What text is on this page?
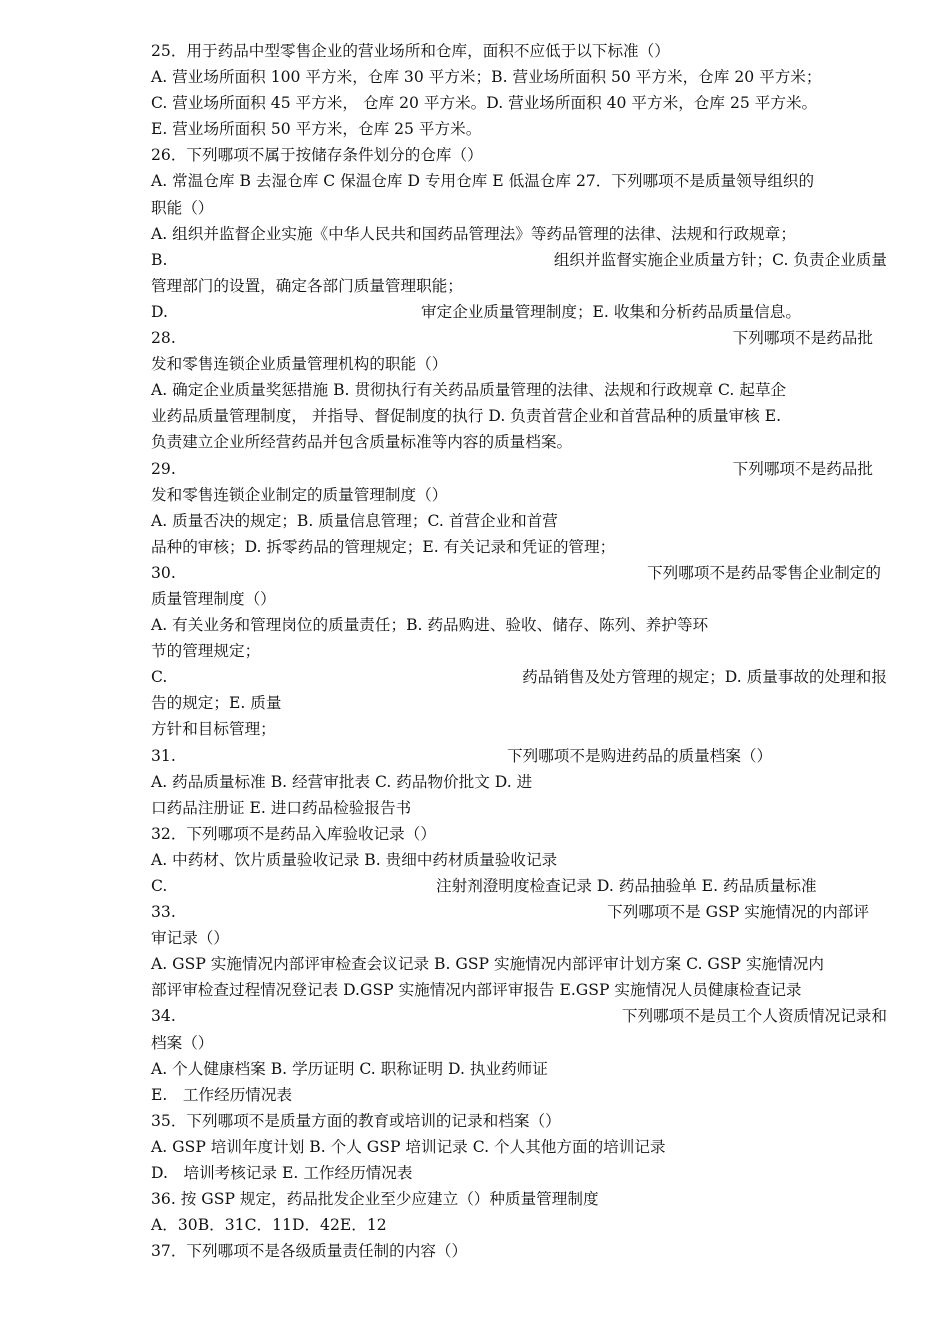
25．用于药品中型零售企业的营业场所和仓库，面积不应低于以下标准（）
A. 营业场所面积 100 平方米，仓库 30 平方米；B. 营业场所面积 50 平方米，仓库 20 平方米；
C. 营业场所面积 45 平方米， 仓库 20 平方米。D. 营业场所面积 40 平方米，仓库 25 平方米。
E. 营业场所面积 50 平方米，仓库 25 平方米。
26．下列哪项不属于按储存条件划分的仓库（）
A. 常温仓库 B 去湿仓库 C 保温仓库 D 专用仓库 E 低温仓库 27．下列哪项不是质量领导组织的
职能（）
A. 组织并监督企业实施《中华人民共和国药品管理法》等药品管理的法律、法规和行政规章；
B.	组织并监督实施企业质量方针；C. 负责企业质量
管理部门的设置，确定各部门质量管理职能；
D.	审定企业质量管理制度；E. 收集和分析药品质量信息。
28.	下列哪项不是药品批
发和零售连锁企业质量管理机构的职能（）
A. 确定企业质量奖惩措施 B. 贯彻执行有关药品质量管理的法律、法规和行政规章 C. 起草企
业药品质量管理制度， 并指导、督促制度的执行 D. 负责首营企业和首营品种的质量审核 E.
负责建立企业所经营药品并包含质量标准等内容的质量档案。
29.	下列哪项不是药品批
发和零售连锁企业制定的质量管理制度（）
A. 质量否决的规定；B. 质量信息管理；C. 首营企业和首营
品种的审核；D. 拆零药品的管理规定；E. 有关记录和凭证的管理；
30.	下列哪项不是药品零售企业制定的
质量管理制度（）
A. 有关业务和管理岗位的质量责任；B. 药品购进、验收、储存、陈列、养护等环
节的管理规定；
C.	药品销售及处方管理的规定；D. 质量事故的处理和报
告的规定；E. 质量
方针和目标管理；
31.	下列哪项不是购进药品的质量档案（）
A. 药品质量标准 B. 经营审批表 C. 药品物价批文 D. 进
口药品注册证 E. 进口药品检验报告书
32．下列哪项不是药品入库验收记录（）
A. 中药材、饮片质量验收记录 B. 贵细中药材质量验收记录
C.	注射剂澄明度检查记录 D. 药品抽验单 E. 药品质量标准
33.	下列哪项不是 GSP 实施情况的内部评
审记录（）
A. GSP 实施情况内部评审检查会议记录 B. GSP 实施情况内部评审计划方案 C. GSP 实施情况内
部评审检查过程情况登记表 D.GSP 实施情况内部评审报告 E.GSP 实施情况人员健康检查记录
34.	下列哪项不是员工个人资质情况记录和
档案（）
A. 个人健康档案 B. 学历证明 C. 职称证明 D. 执业药师证
E.　工作经历情况表
35．下列哪项不是质量方面的教育或培训的记录和档案（）
A. GSP 培训年度计划 B. 个人 GSP 培训记录 C. 个人其他方面的培训记录
D.　培训考核记录 E. 工作经历情况表
36. 按 GSP 规定，药品批发企业至少应建立（）种质量管理制度
A．30B．31C．11D．42E．12
37．下列哪项不是各级质量责任制的内容（）
